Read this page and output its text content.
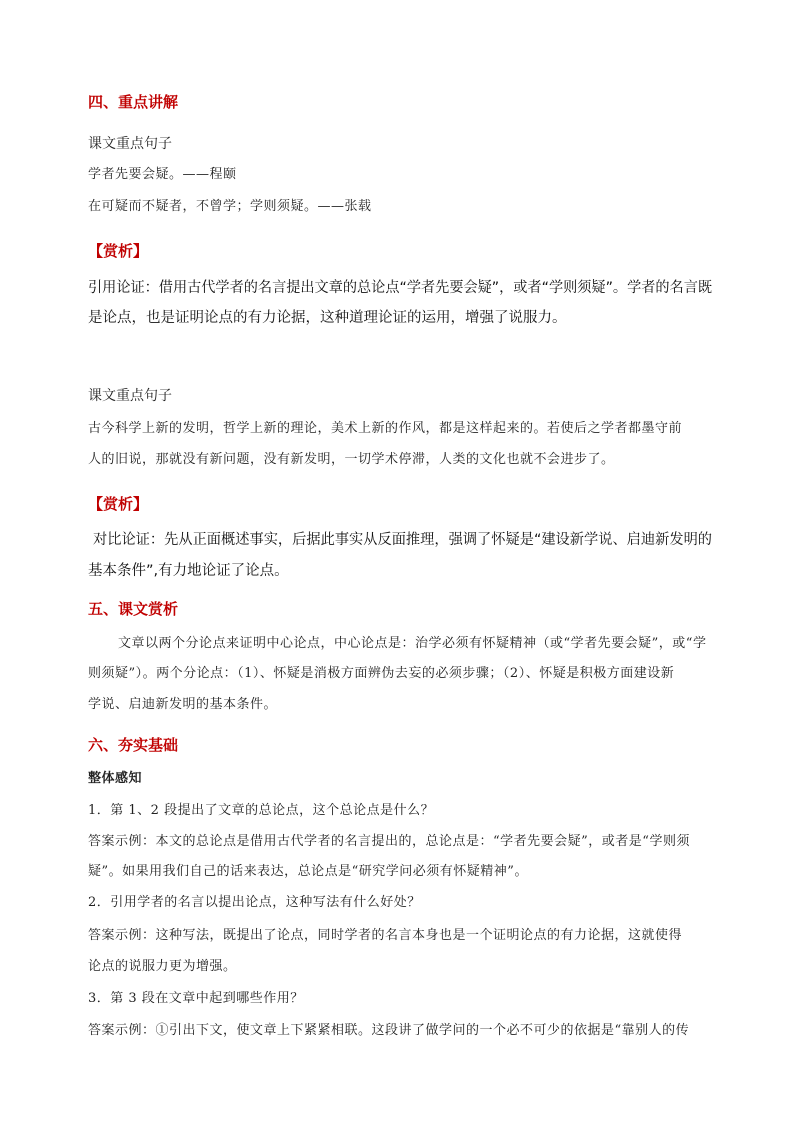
四、重点讲解
课文重点句子
学者先要会疑。——程颐
在可疑而不疑者，不曾学；学则须疑。——张载
【赏析】
引用论证：借用古代学者的名言提出文章的总论点“学者先要会疑”，或者“学则须疑”。学者的名言既
是论点，也是证明论点的有力论据，这种道理论证的运用，增强了说服力。
课文重点句子
古今科学上新的发明，哲学上新的理论，美术上新的作风，都是这样起来的。若使后之学者都墨守前
人的旧说，那就没有新问题，没有新发明，一切学术停滞，人类的文化也就不会进步了。
【赏析】
对比论证：先从正面概述事实，后据此事实从反面推理，强调了怀疑是“建设新学说、启迪新发明的
基本条件”,有力地论证了论点。
五、课文赏析
文章以两个分论点来证明中心论点，中心论点是：治学必须有怀疑精神（或“学者先要会疑”，或“学
则须疑”）。两个分论点：（1）、怀疑是消极方面辨伪去妄的必须步骤；（2）、怀疑是积极方面建设新
学说、启迪新发明的基本条件。
六、夯实基础
整体感知
1．第 1、2 段提出了文章的总论点，这个总论点是什么？
答案示例：本文的总论点是借用古代学者的名言提出的，总论点是：“学者先要会疑”，或者是“学则须
疑”。如果用我们自己的话来表达，总论点是“研究学问必须有怀疑精神”。
2．引用学者的名言以提出论点，这种写法有什么好处？
答案示例：这种写法，既提出了论点，同时学者的名言本身也是一个证明论点的有力论据，这就使得
论点的说服力更为增强。
3．第 3 段在文章中起到哪些作用？
答案示例：①引出下文，使文章上下紧紧相联。这段讲了做学问的一个必不可少的依据是“靠别人的传
